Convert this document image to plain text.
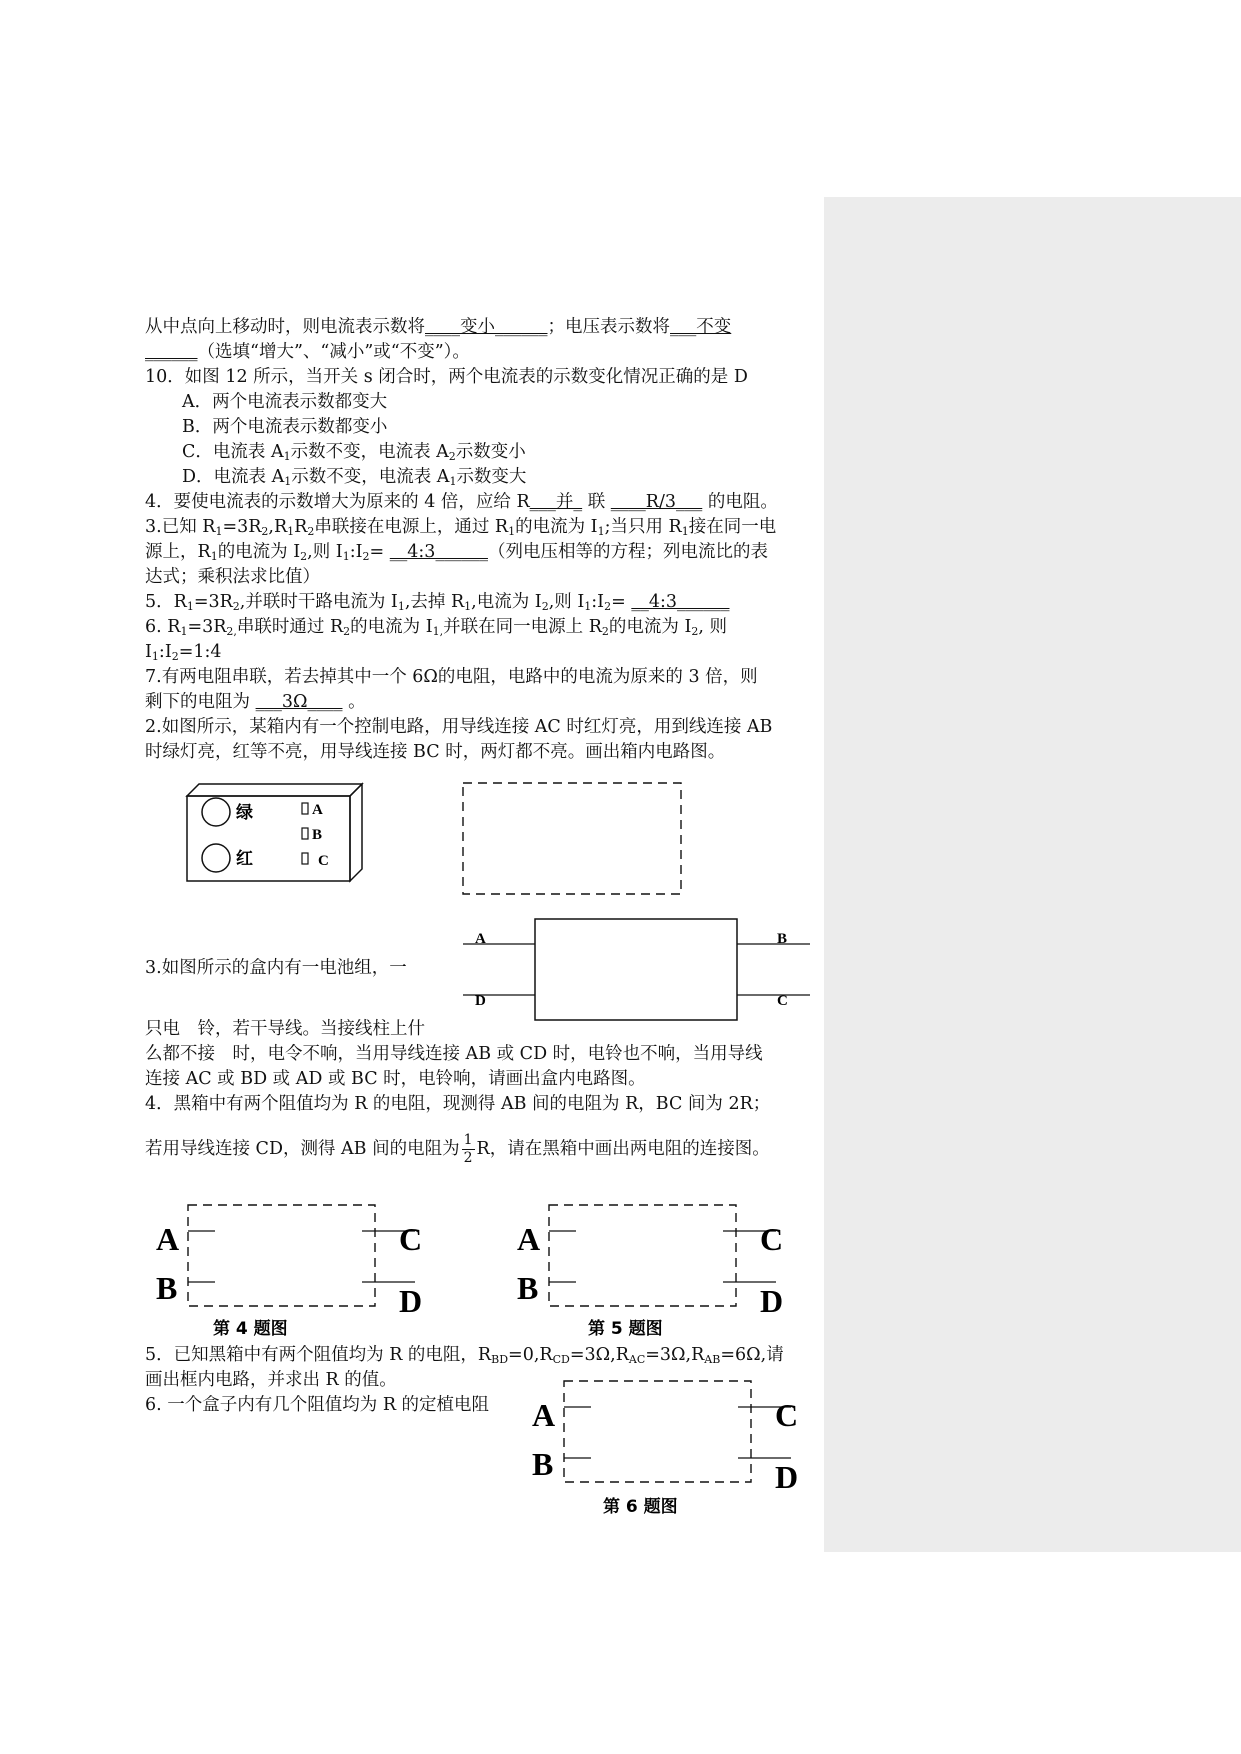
从中点向上移动时，则电流表示数将____变小______；电压表示数将___不变
______（选填“增大”、“减小”或“不变”）。
10．如图 12 所示，当开关 s 闭合时，两个电流表的示数变化情况正确的是 D
A．两个电流表示数都变大
B．两个电流表示数都变小
C．电流表 $A_1$示数不变，电流表 $A_2$示数变小
D．电流表 $A_1$示数不变，电流表 $A_1$示数变大
4．要使电流表的示数增大为原来的 4 倍，应给 R___并_ 联 ____R/3___ 的电阻。
3.已知 $R_1=3R_2,R_1R_2$串联接在电源上，通过 $R_1$的电流为 $I_1$;当只用 $R_1$接在同一电
源上，$R_1$的电流为 $I_2$,则 $I_1:I_2=$ __4:3______（列电压相等的方程；列电流比的表
达式；乘积法求比值）
5．$R_1=3R_2$,并联时干路电流为 $I_1$,去掉 $R_1$,电流为 $I_2$,则 $I_1:I_2=$ __4:3______
6. $R_1=3R_{2,}$串联时通过 $R_2$的电流为 $I_{1,}$并联在同一电源上 $R_2$的电流为 $I_2$, 则
$I_1:I_2=1:4$
7.有两电阻串联，若去掉其中一个 6Ω的电阻，电路中的电流为原来的 3 倍，则
剩下的电阻为 ___3Ω____ 。
2.如图所示，某箱内有一个控制电路，用导线连接 AC 时红灯亮，用到线连接 AB
时绿灯亮，红等不亮，用导线连接 BC 时，两灯都不亮。画出箱内电路图。
3.如图所示的盒内有一电池组，一
只电　铃，若干导线。当接线柱上什
么都不接　时，电令不响，当用导线连接 AB 或 CD 时，电铃也不响，当用导线
连接 AC 或 BD 或 AD 或 BC 时，电铃响，请画出盒内电路图。
4．黑箱中有两个阻值均为 R 的电阻，现测得 AB 间的电阻为 R，BC 间为 2R；
若用导线连接 CD，测得 AB 间的电阻为 $\frac{1}{2}$ R，请在黑箱中画出两电阻的连接图。
5．已知黑箱中有两个阻值均为 R 的电阻，$R_{BD}=0,R_{CD}=3\Omega,R_{AC}=3\Omega,R_{AB}=6\Omega$,请
画出框内电路，并求出 R 的值。
6. 一个盒子内有几个阻值均为 R 的定植电阻
绿
红
A
B
C
A
D
B
C
A
B
C
D
第 4 题图
A
B
C
D
第 5 题图
A
B
C
D
第 6 题图
